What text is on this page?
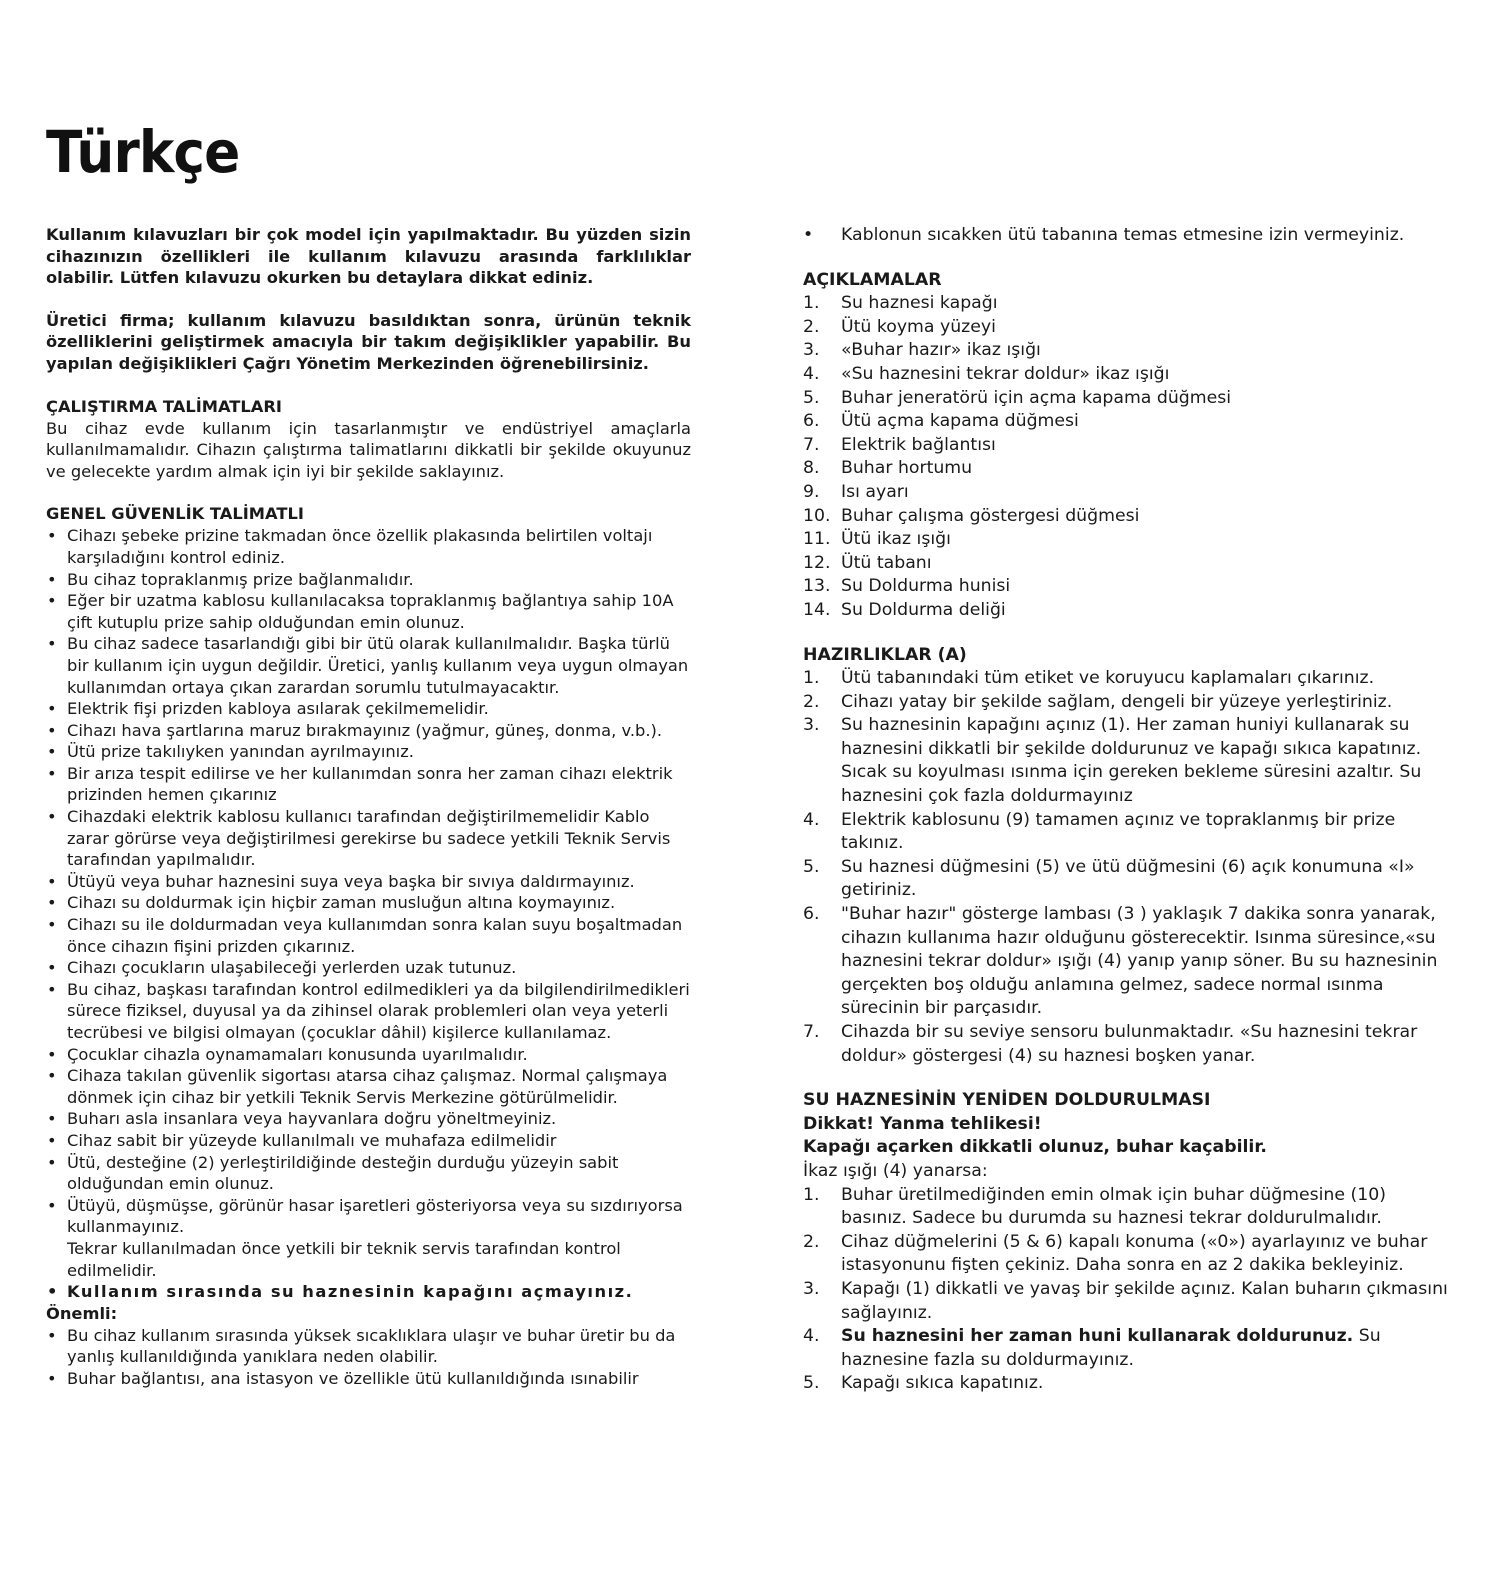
Türkçe

Kullanım kılavuzları bir çok model için yapılmaktadır. Bu yüzden sizin cihazınızın özellikleri ile kullanım kılavuzu arasında farklılıklar olabilir. Lütfen kılavuzu okurken bu detaylara dikkat ediniz.

Üretici firma; kullanım kılavuzu basıldıktan sonra, ürünün teknik özelliklerini geliştirmek amacıyla bir takım değişiklikler yapabilir. Bu yapılan değişiklikleri Çağrı Yönetim Merkezinden öğrenebilirsiniz.

ÇALIŞTIRMA TALİMATLARI

Bu cihaz evde kullanım için tasarlanmıştır ve endüstriyel amaçlarla kullanılmamalıdır. Cihazın çalıştırma talimatlarını dikkatli bir şekilde okuyunuz ve gelecekte yardım almak için iyi bir şekilde saklayınız.

GENEL GÜVENLİK TALİMATLI
• Cihazı şebeke prizine takmadan önce özellik plakasında belirtilen voltajı karşıladığını kontrol ediniz.
• Bu cihaz topraklanmış prize bağlanmalıdır.
• Eğer bir uzatma kablosu kullanılacaksa topraklanmış bağlantıya sahip 10A çift kutuplu prize sahip olduğundan emin olunuz.
• Bu cihaz sadece tasarlandığı gibi bir ütü olarak kullanılmalıdır. Başka türlü bir kullanım için uygun değildir. Üretici, yanlış kullanım veya uygun olmayan kullanımdan ortaya çıkan zarardan sorumlu tutulmayacaktır.
• Elektrik fişi prizden kabloya asılarak çekilmemelidir.
• Cihazı hava şartlarına maruz bırakmayınız (yağmur, güneş, donma, v.b.).
• Ütü prize takılıyken yanından ayrılmayınız.
• Bir arıza tespit edilirse ve her kullanımdan sonra her zaman cihazı elektrik prizinden hemen çıkarınız
• Cihazdaki elektrik kablosu kullanıcı tarafından değiştirilmemelidir Kablo zarar görürse veya değiştirilmesi gerekirse bu sadece yetkili Teknik Servis tarafından yapılmalıdır.
• Ütüyü veya buhar haznesini suya veya başka bir sıvıya daldırmayınız.
• Cihazı su doldurmak için hiçbir zaman musluğun altına koymayınız.
• Cihazı su ile doldurmadan veya kullanımdan sonra kalan suyu boşaltmadan önce cihazın fişini prizden çıkarınız.
• Cihazı çocukların ulaşabileceği yerlerden uzak tutunuz.
• Bu cihaz, başkası tarafından kontrol edilmedikleri ya da bilgilendirilmedikleri sürece fiziksel, duyusal ya da zihinsel olarak problemleri olan veya yeterli tecrübesi ve bilgisi olmayan (çocuklar dâhil) kişilerce kullanılamaz.
• Çocuklar cihazla oynamamaları konusunda uyarılmalıdır.
• Cihaza takılan güvenlik sigortası atarsa cihaz çalışmaz. Normal çalışmaya dönmek için cihaz bir yetkili Teknik Servis Merkezine götürülmelidir.
• Buharı asla insanlara veya hayvanlara doğru yöneltmeyiniz.
• Cihaz sabit bir yüzeyde kullanılmalı ve muhafaza edilmelidir
• Ütü, desteğine (2) yerleştirildiğinde desteğin durduğu yüzeyin sabit olduğundan emin olunuz.
• Ütüyü, düşmüşse, görünür hasar işaretleri gösteriyorsa veya su sızdırıyorsa kullanmayınız.
Tekrar kullanılmadan önce yetkili bir teknik servis tarafından kontrol edilmelidir.
• Kullanım sırasında su haznesinin kapağını açmayınız.
Önemli:
• Bu cihaz kullanım sırasında yüksek sıcaklıklara ulaşır ve buhar üretir bu da yanlış kullanıldığında yanıklara neden olabilir.
• Buhar bağlantısı, ana istasyon ve özellikle ütü kullanıldığında ısınabilir
• Kablonun sıcakken ütü tabanına temas etmesine izin vermeyiniz.
AÇIKLAMALAR
1. Su haznesi kapağı
2. Ütü koyma yüzeyi
3. «Buhar hazır» ikaz ışığı
4. «Su haznesini tekrar doldur» ikaz ışığı
5. Buhar jeneratörü için açma kapama düğmesi
6. Ütü açma kapama düğmesi
7. Elektrik bağlantısı
8. Buhar hortumu
9. Isı ayarı
10. Buhar çalışma göstergesi düğmesi
11. Ütü ikaz ışığı
12. Ütü tabanı
13. Su Doldurma hunisi
14. Su Doldurma deliği
HAZIRLIKLAR (A)
1. Ütü tabanındaki tüm etiket ve koruyucu kaplamaları çıkarınız.
2. Cihazı yatay bir şekilde sağlam, dengeli bir yüzeye yerleştiriniz.
3. Su haznesinin kapağını açınız (1). Her zaman huniyi kullanarak su haznesini dikkatli bir şekilde doldurunuz ve kapağı sıkıca kapatınız. Sıcak su koyulması ısınma için gereken bekleme süresini azaltır. Su haznesini çok fazla doldurmayınız
4. Elektrik kablosunu (9) tamamen açınız ve topraklanmış bir prize takınız.
5. Su haznesi düğmesini (5) ve ütü düğmesini (6) açık konumuna «I» getiriniz.
6. "Buhar hazır" gösterge lambası (3 ) yaklaşık 7 dakika sonra yanarak, cihazın kullanıma hazır olduğunu gösterecektir. Isınma süresince,«su haznesini tekrar doldur» ışığı (4) yanıp yanıp söner. Bu su haznesinin gerçekten boş olduğu anlamına gelmez, sadece normal ısınma sürecinin bir parçasıdır.
7. Cihazda bir su seviye sensoru bulunmaktadır. «Su haznesini tekrar doldur» göstergesi (4) su haznesi boşken yanar.
SU HAZNESİNİN YENİDEN DOLDURULMASI

Dikkat! Yanma tehlikesi!

Kapağı açarken dikkatli olunuz, buhar kaçabilir.

İkaz ışığı (4) yanarsa:

1. Buhar üretilmediğinden emin olmak için buhar düğmesine (10) basınız. Sadece bu durumda su haznesi tekrar doldurulmalıdır.
2. Cihaz düğmelerini (5 & 6) kapalı konuma («0») ayarlayınız ve buhar istasyonunu fişten çekiniz. Daha sonra en az 2 dakika bekleyiniz.
3. Kapağı (1) dikkatli ve yavaş bir şekilde açınız. Kalan buharın çıkmasını sağlayınız.
4. Su haznesini her zaman huni kullanarak doldurunuz. Su haznesine fazla su doldurmayınız.
5. Kapağı sıkıca kapatınız.
